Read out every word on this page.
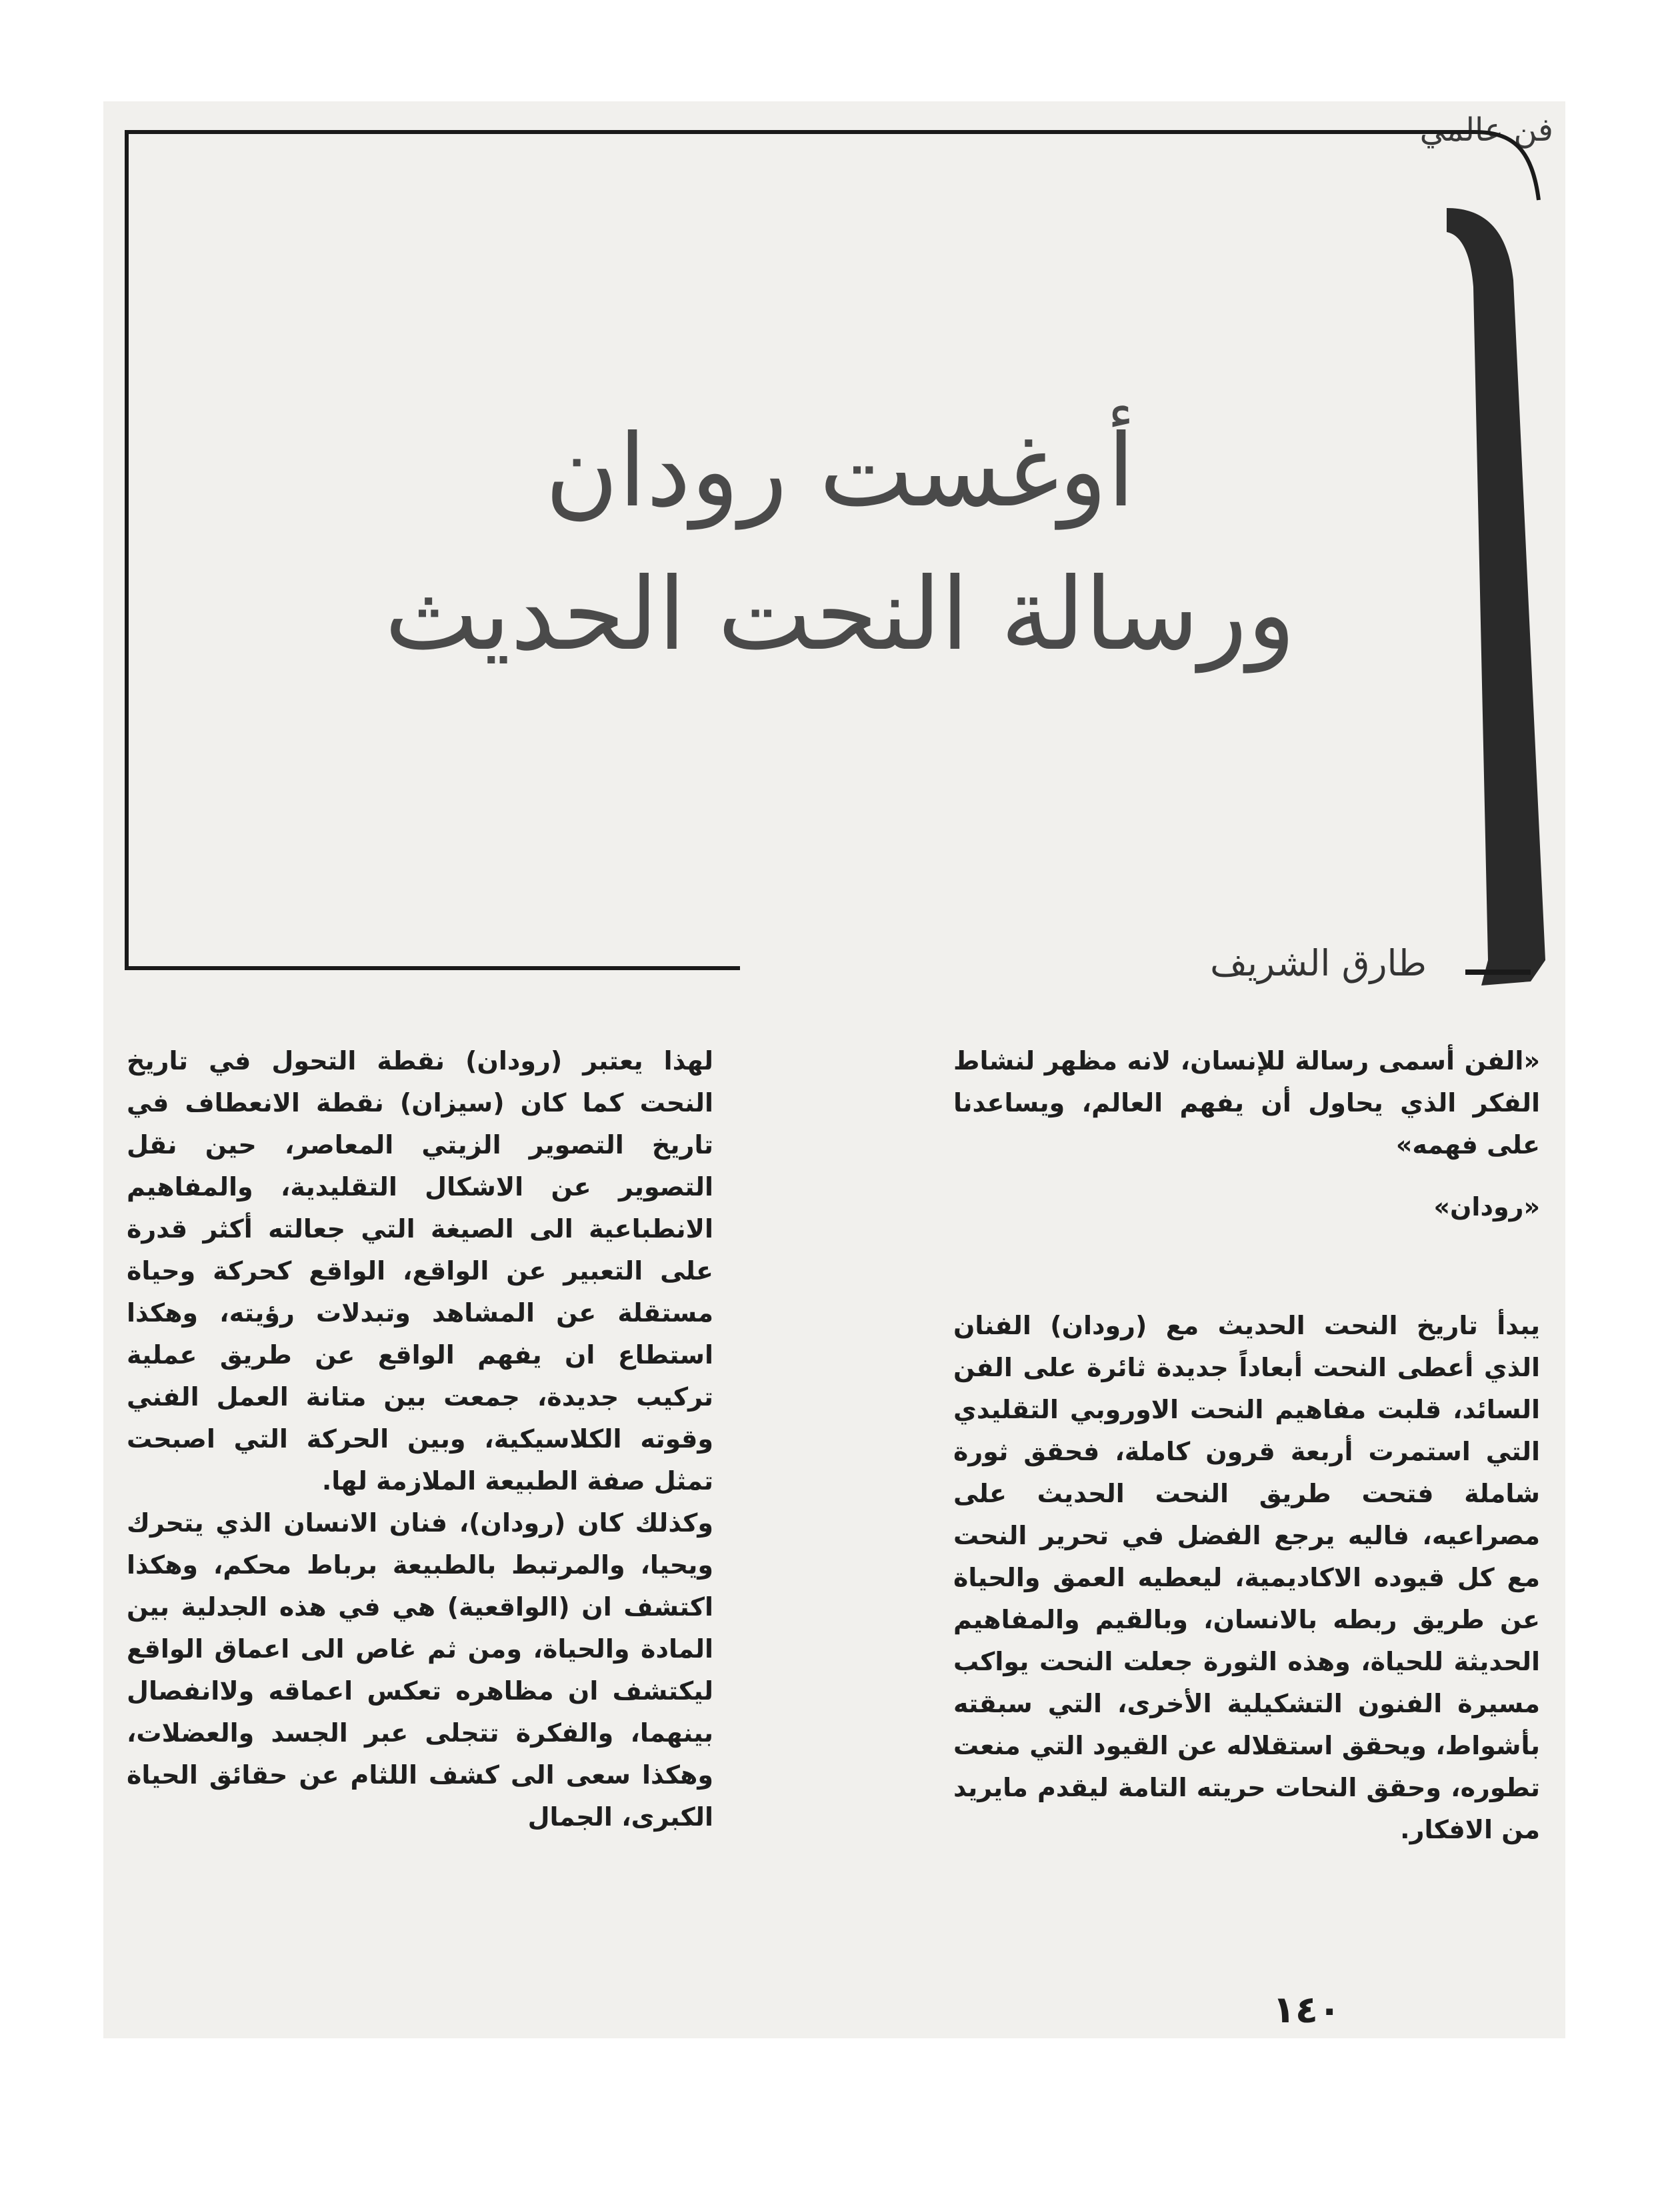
فن عالمي
أوغست رودان
ورسالة النحت الحديث
طارق الشريف

«الفن أسمى رسالة للإنسان، لانه مظهر لنشاط الفكر الذي يحاول أن يفهم العالم، ويساعدنا على فهمه»

«رودان»

يبدأ تاريخ النحت الحديث مع (رودان) الفنان الذي أعطى النحت أبعاداً جديدة ثائرة على الفن السائد، قلبت مفاهيم النحت الاوروبي التقليدي التي استمرت أربعة قرون كاملة، فحقق ثورة شاملة فتحت طريق النحت الحديث على مصراعيه، فاليه يرجع الفضل في تحرير النحت مع كل قيوده الاكاديمية، ليعطيه العمق والحياة عن طريق ربطه بالانسان، وبالقيم والمفاهيم الحديثة للحياة، وهذه الثورة جعلت النحت يواكب مسيرة الفنون التشكيلية الأخرى، التي سبقته بأشواط، ويحقق استقلاله عن القيود التي منعت تطوره، وحقق النحات حريته التامة ليقدم مايريد من الافكار.

لهذا يعتبر (رودان) نقطة التحول في تاريخ النحت كما كان (سيزان) نقطة الانعطاف في تاريخ التصوير الزيتي المعاصر، حين نقل التصوير عن الاشكال التقليدية، والمفاهيم الانطباعية الى الصيغة التي جعالته أكثر قدرة على التعبير عن الواقع، الواقع كحركة وحياة مستقلة عن المشاهد وتبدلات رؤيته، وهكذا استطاع ان يفهم الواقع عن طريق عملية تركيب جديدة، جمعت بين متانة العمل الفني وقوته الكلاسيكية، وبين الحركة التي اصبحت تمثل صفة الطبيعة الملازمة لها.

وكذلك كان (رودان)، فنان الانسان الذي يتحرك ويحيا، والمرتبط بالطبيعة برباط محكم، وهكذا اكتشف ان (الواقعية) هي في هذه الجدلية بين المادة والحياة، ومن ثم غاص الى اعماق الواقع ليكتشف ان مظاهره تعكس اعماقه ولاانفصال بينهما، والفكرة تتجلى عبر الجسد والعضلات، وهكذا سعى الى كشف اللثام عن حقائق الحياة الكبرى، الجمال

١٤٠
